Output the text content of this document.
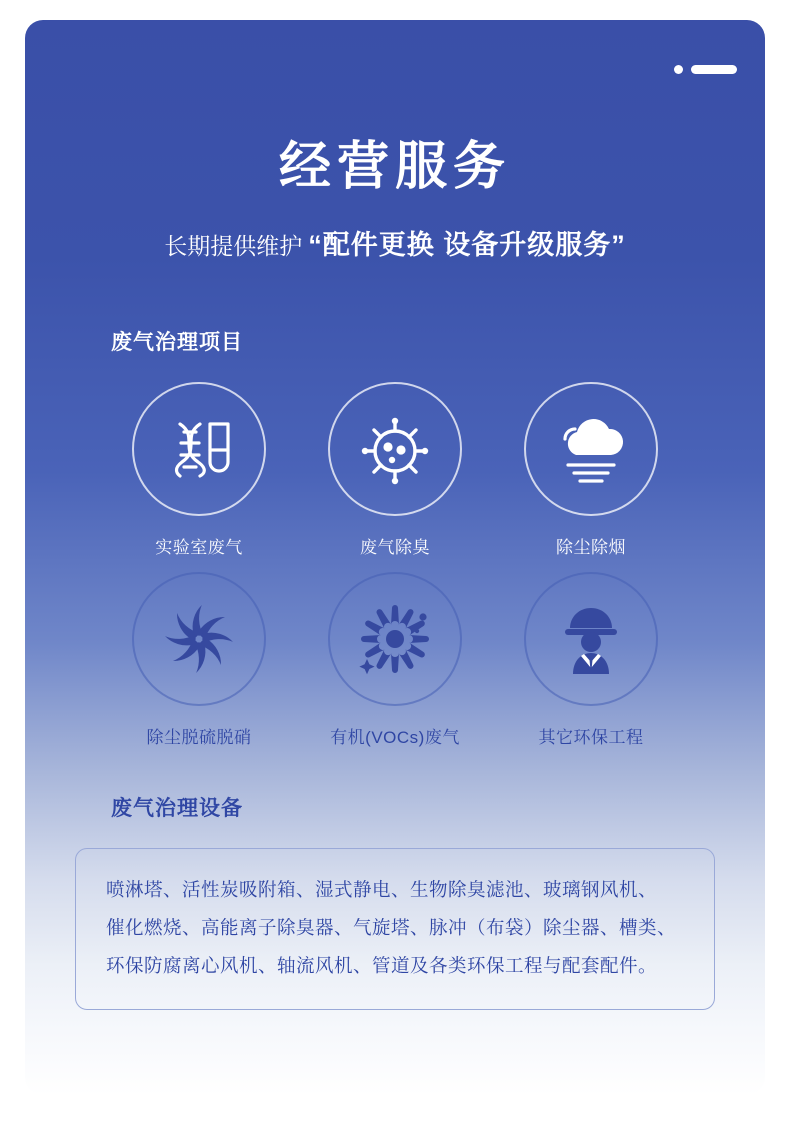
经营服务
长期提供维护 “配件更换 设备升级服务”
废气治理项目
实验室废气	废气除臭	除尘除烟
除尘脱硫脱硝	有机(VOCs)废气	其它环保工程
废气治理设备

喷淋塔、活性炭吸附箱、湿式静电、生物除臭滤池、玻璃钢风机、

催化燃烧、高能离子除臭器、气旋塔、脉冲（布袋）除尘器、槽类、

环保防腐离心风机、轴流风机、管道及各类环保工程与配套配件。
